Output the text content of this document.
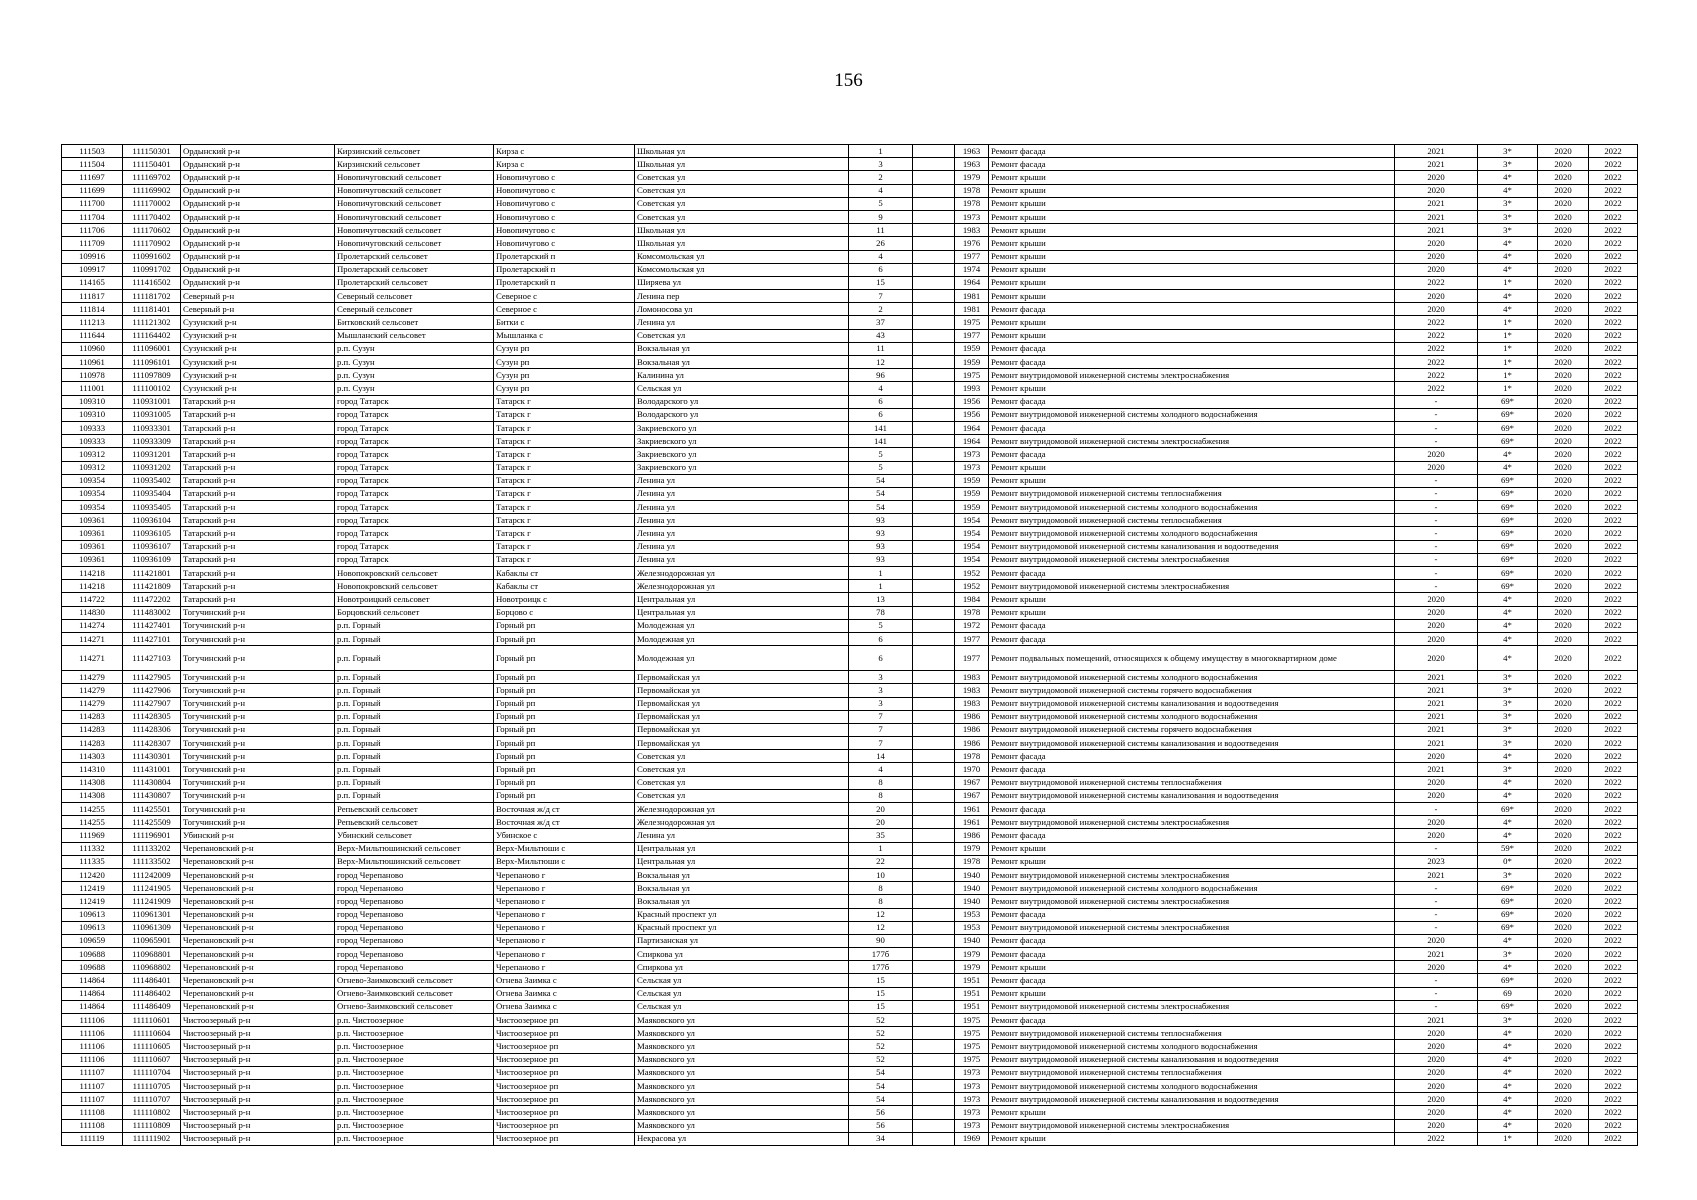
156
111503	111150301	Ордынский р-н	Кирзинский сельсовет	Кирза с	Школьная ул	1		1963	Ремонт фасада	2021	3*	2020	2022
111504	111150401	Ордынский р-н	Кирзинский сельсовет	Кирза с	Школьная ул	3		1963	Ремонт фасада	2021	3*	2020	2022
111697	111169702	Ордынский р-н	Новопичуговский сельсовет	Новопичугово с	Советская ул	2		1979	Ремонт крыши	2020	4*	2020	2022
111699	111169902	Ордынский р-н	Новопичуговский сельсовет	Новопичугово с	Советская ул	4		1978	Ремонт крыши	2020	4*	2020	2022
111700	111170002	Ордынский р-н	Новопичуговский сельсовет	Новопичугово с	Советская ул	5		1978	Ремонт крыши	2021	3*	2020	2022
111704	111170402	Ордынский р-н	Новопичуговский сельсовет	Новопичугово с	Советская ул	9		1973	Ремонт крыши	2021	3*	2020	2022
111706	111170602	Ордынский р-н	Новопичуговский сельсовет	Новопичугово с	Школьная ул	11		1983	Ремонт крыши	2021	3*	2020	2022
111709	111170902	Ордынский р-н	Новопичуговский сельсовет	Новопичугово с	Школьная ул	26		1976	Ремонт крыши	2020	4*	2020	2022
109916	110991602	Ордынский р-н	Пролетарский сельсовет	Пролетарский п	Комсомольская ул	4		1977	Ремонт крыши	2020	4*	2020	2022
109917	110991702	Ордынский р-н	Пролетарский сельсовет	Пролетарский п	Комсомольская ул	6		1974	Ремонт крыши	2020	4*	2020	2022
114165	111416502	Ордынский р-н	Пролетарский сельсовет	Пролетарский п	Ширяева ул	15		1964	Ремонт крыши	2022	1*	2020	2022
111817	111181702	Северный р-н	Северный сельсовет	Северное с	Ленина пер	7		1981	Ремонт крыши	2020	4*	2020	2022
111814	111181401	Северный р-н	Северный сельсовет	Северное с	Ломоносова ул	2		1981	Ремонт фасада	2020	4*	2020	2022
111213	111121302	Сузунский р-н	Битковский сельсовет	Битки с	Ленина ул	37		1975	Ремонт крыши	2022	1*	2020	2022
111644	111164402	Сузунский р-н	Мышланский сельсовет	Мышланка с	Советская ул	43		1977	Ремонт крыши	2022	1*	2020	2022
110960	111096001	Сузунский р-н	р.п. Сузун	Сузун рп	Вокзальная ул	11		1959	Ремонт фасада	2022	1*	2020	2022
110961	111096101	Сузунский р-н	р.п. Сузун	Сузун рп	Вокзальная ул	12		1959	Ремонт фасада	2022	1*	2020	2022
110978	111097809	Сузунский р-н	р.п. Сузун	Сузун рп	Калинина ул	96		1975	Ремонт внутридомовой инженерной системы электроснабжения	2022	1*	2020	2022
111001	111100102	Сузунский р-н	р.п. Сузун	Сузун рп	Сельская ул	4		1993	Ремонт крыши	2022	1*	2020	2022
109310	110931001	Татарский р-н	город Татарск	Татарск г	Володарского ул	6		1956	Ремонт фасада	-	69*	2020	2022
109310	110931005	Татарский р-н	город Татарск	Татарск г	Володарского ул	6		1956	Ремонт внутридомовой инженерной системы холодного водоснабжения	-	69*	2020	2022
109333	110933301	Татарский р-н	город Татарск	Татарск г	Закриевского ул	141		1964	Ремонт фасада	-	69*	2020	2022
109333	110933309	Татарский р-н	город Татарск	Татарск г	Закриевского ул	141		1964	Ремонт внутридомовой инженерной системы электроснабжения	-	69*	2020	2022
109312	110931201	Татарский р-н	город Татарск	Татарск г	Закриевского ул	5		1973	Ремонт фасада	2020	4*	2020	2022
109312	110931202	Татарский р-н	город Татарск	Татарск г	Закриевского ул	5		1973	Ремонт крыши	2020	4*	2020	2022
109354	110935402	Татарский р-н	город Татарск	Татарск г	Ленина ул	54		1959	Ремонт крыши	-	69*	2020	2022
109354	110935404	Татарский р-н	город Татарск	Татарск г	Ленина ул	54		1959	Ремонт внутридомовой инженерной системы теплоснабжения	-	69*	2020	2022
109354	110935405	Татарский р-н	город Татарск	Татарск г	Ленина ул	54		1959	Ремонт внутридомовой инженерной системы холодного водоснабжения	-	69*	2020	2022
109361	110936104	Татарский р-н	город Татарск	Татарск г	Ленина ул	93		1954	Ремонт внутридомовой инженерной системы теплоснабжения	-	69*	2020	2022
109361	110936105	Татарский р-н	город Татарск	Татарск г	Ленина ул	93		1954	Ремонт внутридомовой инженерной системы холодного водоснабжения	-	69*	2020	2022
109361	110936107	Татарский р-н	город Татарск	Татарск г	Ленина ул	93		1954	Ремонт внутридомовой инженерной системы канализования и водоотведения	-	69*	2020	2022
109361	110936109	Татарский р-н	город Татарск	Татарск г	Ленина ул	93		1954	Ремонт внутридомовой инженерной системы электроснабжения	-	69*	2020	2022
114218	111421801	Татарский р-н	Новопокровский сельсовет	Кабаклы ст	Железнодорожная ул	1		1952	Ремонт фасада	-	69*	2020	2022
114218	111421809	Татарский р-н	Новопокровский сельсовет	Кабаклы ст	Железнодорожная ул	1		1952	Ремонт внутридомовой инженерной системы электроснабжения	-	69*	2020	2022
114722	111472202	Татарский р-н	Новотроицкий сельсовет	Новотроицк с	Центральная ул	13		1984	Ремонт крыши	2020	4*	2020	2022
114830	111483002	Тогучинский р-н	Борцовский сельсовет	Борцово с	Центральная ул	78		1978	Ремонт крыши	2020	4*	2020	2022
114274	111427401	Тогучинский р-н	р.п. Горный	Горный рп	Молодежная ул	5		1972	Ремонт фасада	2020	4*	2020	2022
114271	111427101	Тогучинский р-н	р.п. Горный	Горный рп	Молодежная ул	6		1977	Ремонт фасада	2020	4*	2020	2022
114271	111427103	Тогучинский р-н	р.п. Горный	Горный рп	Молодежная ул	6		1977	Ремонт подвальных помещений, относящихся к общему имуществу в многоквартирном доме	2020	4*	2020	2022
114279	111427905	Тогучинский р-н	р.п. Горный	Горный рп	Первомайская ул	3		1983	Ремонт внутридомовой инженерной системы холодного водоснабжения	2021	3*	2020	2022
114279	111427906	Тогучинский р-н	р.п. Горный	Горный рп	Первомайская ул	3		1983	Ремонт внутридомовой инженерной системы горячего водоснабжения	2021	3*	2020	2022
114279	111427907	Тогучинский р-н	р.п. Горный	Горный рп	Первомайская ул	3		1983	Ремонт внутридомовой инженерной системы канализования и водоотведения	2021	3*	2020	2022
114283	111428305	Тогучинский р-н	р.п. Горный	Горный рп	Первомайская ул	7		1986	Ремонт внутридомовой инженерной системы холодного водоснабжения	2021	3*	2020	2022
114283	111428306	Тогучинский р-н	р.п. Горный	Горный рп	Первомайская ул	7		1986	Ремонт внутридомовой инженерной системы горячего водоснабжения	2021	3*	2020	2022
114283	111428307	Тогучинский р-н	р.п. Горный	Горный рп	Первомайская ул	7		1986	Ремонт внутридомовой инженерной системы канализования и водоотведения	2021	3*	2020	2022
114303	111430301	Тогучинский р-н	р.п. Горный	Горный рп	Советская ул	14		1978	Ремонт фасада	2020	4*	2020	2022
114310	111431001	Тогучинский р-н	р.п. Горный	Горный рп	Советская ул	4		1970	Ремонт фасада	2021	3*	2020	2022
114308	111430804	Тогучинский р-н	р.п. Горный	Горный рп	Советская ул	8		1967	Ремонт внутридомовой инженерной системы теплоснабжения	2020	4*	2020	2022
114308	111430807	Тогучинский р-н	р.п. Горный	Горный рп	Советская ул	8		1967	Ремонт внутридомовой инженерной системы канализования и водоотведения	2020	4*	2020	2022
114255	111425501	Тогучинский р-н	Репьевский сельсовет	Восточная ж/д ст	Железнодорожная ул	20		1961	Ремонт фасада	-	69*	2020	2022
114255	111425509	Тогучинский р-н	Репьевский сельсовет	Восточная ж/д ст	Железнодорожная ул	20		1961	Ремонт внутридомовой инженерной системы электроснабжения	2020	4*	2020	2022
111969	111196901	Убинский р-н	Убинский сельсовет	Убинское с	Ленина ул	35		1986	Ремонт фасада	2020	4*	2020	2022
111332	111133202	Черепановский р-н	Верх-Мильтюшинский сельсовет	Верх-Мильтюши с	Центральная ул	1		1979	Ремонт крыши	-	59*	2020	2022
111335	111133502	Черепановский р-н	Верх-Мильтюшинский сельсовет	Верх-Мильтюши с	Центральная ул	22		1978	Ремонт крыши	2023	0*	2020	2022
112420	111242009	Черепановский р-н	город Черепаново	Черепаново г	Вокзальная ул	10		1940	Ремонт внутридомовой инженерной системы электроснабжения	2021	3*	2020	2022
112419	111241905	Черепановский р-н	город Черепаново	Черепаново г	Вокзальная ул	8		1940	Ремонт внутридомовой инженерной системы холодного водоснабжения	-	69*	2020	2022
112419	111241909	Черепановский р-н	город Черепаново	Черепаново г	Вокзальная ул	8		1940	Ремонт внутридомовой инженерной системы электроснабжения	-	69*	2020	2022
109613	110961301	Черепановский р-н	город Черепаново	Черепаново г	Красный проспект ул	12		1953	Ремонт фасада	-	69*	2020	2022
109613	110961309	Черепановский р-н	город Черепаново	Черепаново г	Красный проспект ул	12		1953	Ремонт внутридомовой инженерной системы электроснабжения	-	69*	2020	2022
109659	110965901	Черепановский р-н	город Черепаново	Черепаново г	Партизанская ул	90		1940	Ремонт фасада	2020	4*	2020	2022
109688	110968801	Черепановский р-н	город Черепаново	Черепаново г	Спиркова ул	177б		1979	Ремонт фасада	2021	3*	2020	2022
109688	110968802	Черепановский р-н	город Черепаново	Черепаново г	Спиркова ул	177б		1979	Ремонт крыши	2020	4*	2020	2022
114864	111486401	Черепановский р-н	Огнево-Заимковский сельсовет	Огнева Заимка с	Сельская ул	15		1951	Ремонт фасада	-	69*	2020	2022
114864	111486402	Черепановский р-н	Огнево-Заимковский сельсовет	Огнева Заимка с	Сельская ул	15		1951	Ремонт крыши	-	69	2020	2022
114864	111486409	Черепановский р-н	Огнево-Заимковский сельсовет	Огнева Заимка с	Сельская ул	15		1951	Ремонт внутридомовой инженерной системы электроснабжения	-	69*	2020	2022
111106	111110601	Чистоозерный р-н	р.п. Чистоозерное	Чистоозерное рп	Маяковского ул	52		1975	Ремонт фасада	2021	3*	2020	2022
111106	111110604	Чистоозерный р-н	р.п. Чистоозерное	Чистоозерное рп	Маяковского ул	52		1975	Ремонт внутридомовой инженерной системы теплоснабжения	2020	4*	2020	2022
111106	111110605	Чистоозерный р-н	р.п. Чистоозерное	Чистоозерное рп	Маяковского ул	52		1975	Ремонт внутридомовой инженерной системы холодного водоснабжения	2020	4*	2020	2022
111106	111110607	Чистоозерный р-н	р.п. Чистоозерное	Чистоозерное рп	Маяковского ул	52		1975	Ремонт внутридомовой инженерной системы канализования и водоотведения	2020	4*	2020	2022
111107	111110704	Чистоозерный р-н	р.п. Чистоозерное	Чистоозерное рп	Маяковского ул	54		1973	Ремонт внутридомовой инженерной системы теплоснабжения	2020	4*	2020	2022
111107	111110705	Чистоозерный р-н	р.п. Чистоозерное	Чистоозерное рп	Маяковского ул	54		1973	Ремонт внутридомовой инженерной системы холодного водоснабжения	2020	4*	2020	2022
111107	111110707	Чистоозерный р-н	р.п. Чистоозерное	Чистоозерное рп	Маяковского ул	54		1973	Ремонт внутридомовой инженерной системы канализования и водоотведения	2020	4*	2020	2022
111108	111110802	Чистоозерный р-н	р.п. Чистоозерное	Чистоозерное рп	Маяковского ул	56		1973	Ремонт крыши	2020	4*	2020	2022
111108	111110809	Чистоозерный р-н	р.п. Чистоозерное	Чистоозерное рп	Маяковского ул	56		1973	Ремонт внутридомовой инженерной системы электроснабжения	2020	4*	2020	2022
111119	111111902	Чистоозерный р-н	р.п. Чистоозерное	Чистоозерное рп	Некрасова ул	34		1969	Ремонт крыши	2022	1*	2020	2022
